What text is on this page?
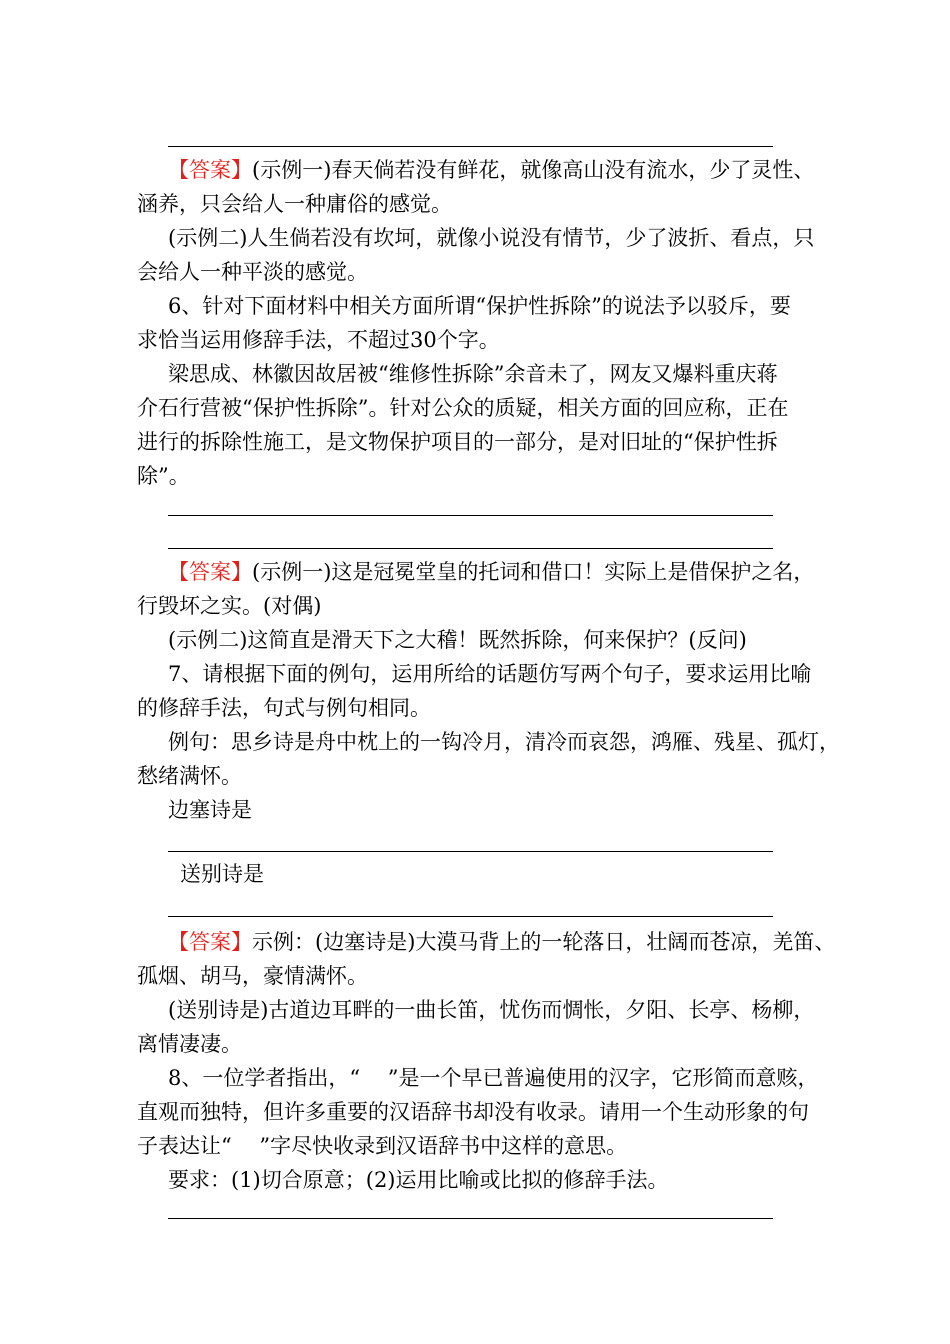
【答案】(示例一)春天倘若没有鲜花，就像高山没有流水，少了灵性、
涵养，只会给人一种庸俗的感觉。
(示例二)人生倘若没有坎坷，就像小说没有情节，少了波折、看点，只
会给人一种平淡的感觉。
6、针对下面材料中相关方面所谓“保护性拆除”的说法予以驳斥，要
求恰当运用修辞手法，不超过30个字。
梁思成、林徽因故居被“维修性拆除”余音未了，网友又爆料重庆蒋
介石行营被“保护性拆除”。针对公众的质疑，相关方面的回应称，正在
进行的拆除性施工，是文物保护项目的一部分，是对旧址的“保护性拆
除”。
【答案】(示例一)这是冠冕堂皇的托词和借口！实际上是借保护之名，
行毁坏之实。(对偶)
(示例二)这简直是滑天下之大稽！既然拆除，何来保护？(反问)
7、请根据下面的例句，运用所给的话题仿写两个句子，要求运用比喻
的修辞手法，句式与例句相同。
例句：思乡诗是舟中枕上的一钩冷月，清冷而哀怨，鸿雁、残星、孤灯，
愁绪满怀。
边塞诗是
送别诗是
【答案】示例：(边塞诗是)大漠马背上的一轮落日，壮阔而苍凉，羌笛、
孤烟、胡马，豪情满怀。
(送别诗是)古道边耳畔的一曲长笛，忧伤而惆怅，夕阳、长亭、杨柳，
离情凄凄。
8、一位学者指出，“　 ”是一个早已普遍使用的汉字，它形简而意赅，
直观而独特，但许多重要的汉语辞书却没有收录。请用一个生动形象的句
子表达让“　 ”字尽快收录到汉语辞书中这样的意思。
要求：(1)切合原意；(2)运用比喻或比拟的修辞手法。
